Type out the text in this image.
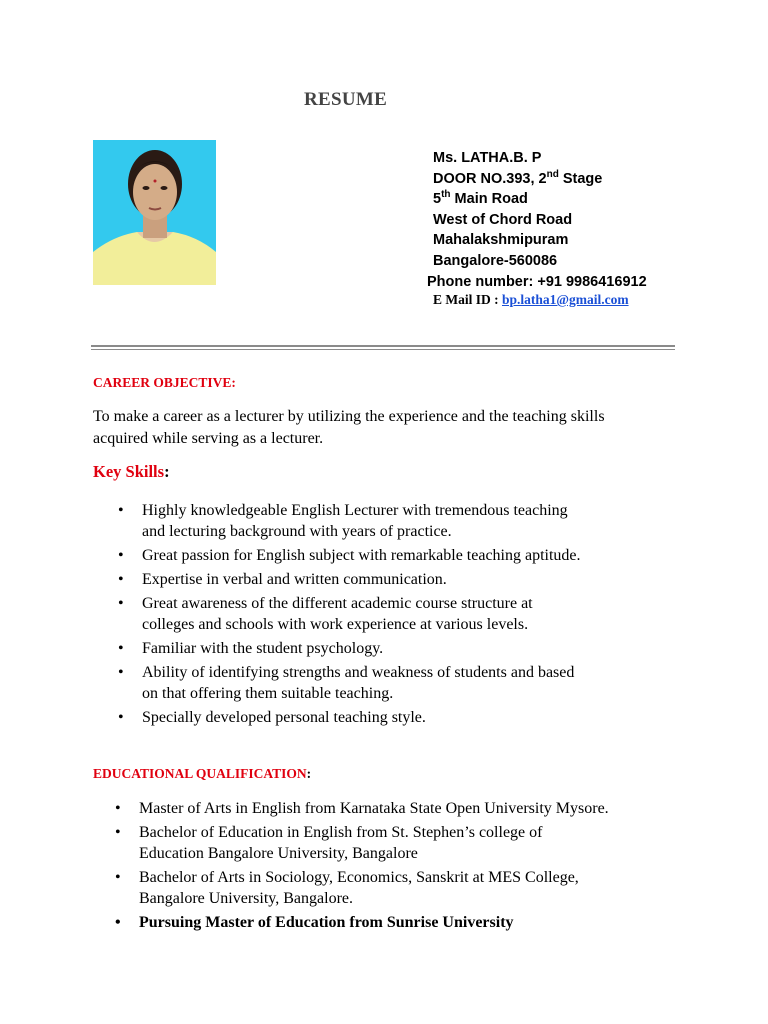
RESUME
Ms. LATHA.B. P
DOOR NO.393, 2nd Stage
5th Main Road
West of Chord Road
Mahalakshmipuram
Bangalore-560086
Phone number: +91 9986416912
E Mail ID : bp.latha1@gmail.com
CAREER OBJECTIVE:
To make a career as a lecturer by utilizing the experience and the teaching skills
acquired while serving as a lecturer.
Key Skills:
• Highly knowledgeable English Lecturer with tremendous teaching
and lecturing background with years of practice.
• Great passion for English subject with remarkable teaching aptitude.
• Expertise in verbal and written communication.
• Great awareness of the different academic course structure at
colleges and schools with work experience at various levels.
• Familiar with the student psychology.
• Ability of identifying strengths and weakness of students and based
on that offering them suitable teaching.
• Specially developed personal teaching style.
EDUCATIONAL QUALIFICATION:
• Master of Arts in English from Karnataka State Open University Mysore.
• Bachelor of Education in English from St. Stephen’s college of
Education Bangalore University, Bangalore
• Bachelor of Arts in Sociology, Economics, Sanskrit at MES College,
Bangalore University, Bangalore.
• Pursuing Master of Education from Sunrise University
